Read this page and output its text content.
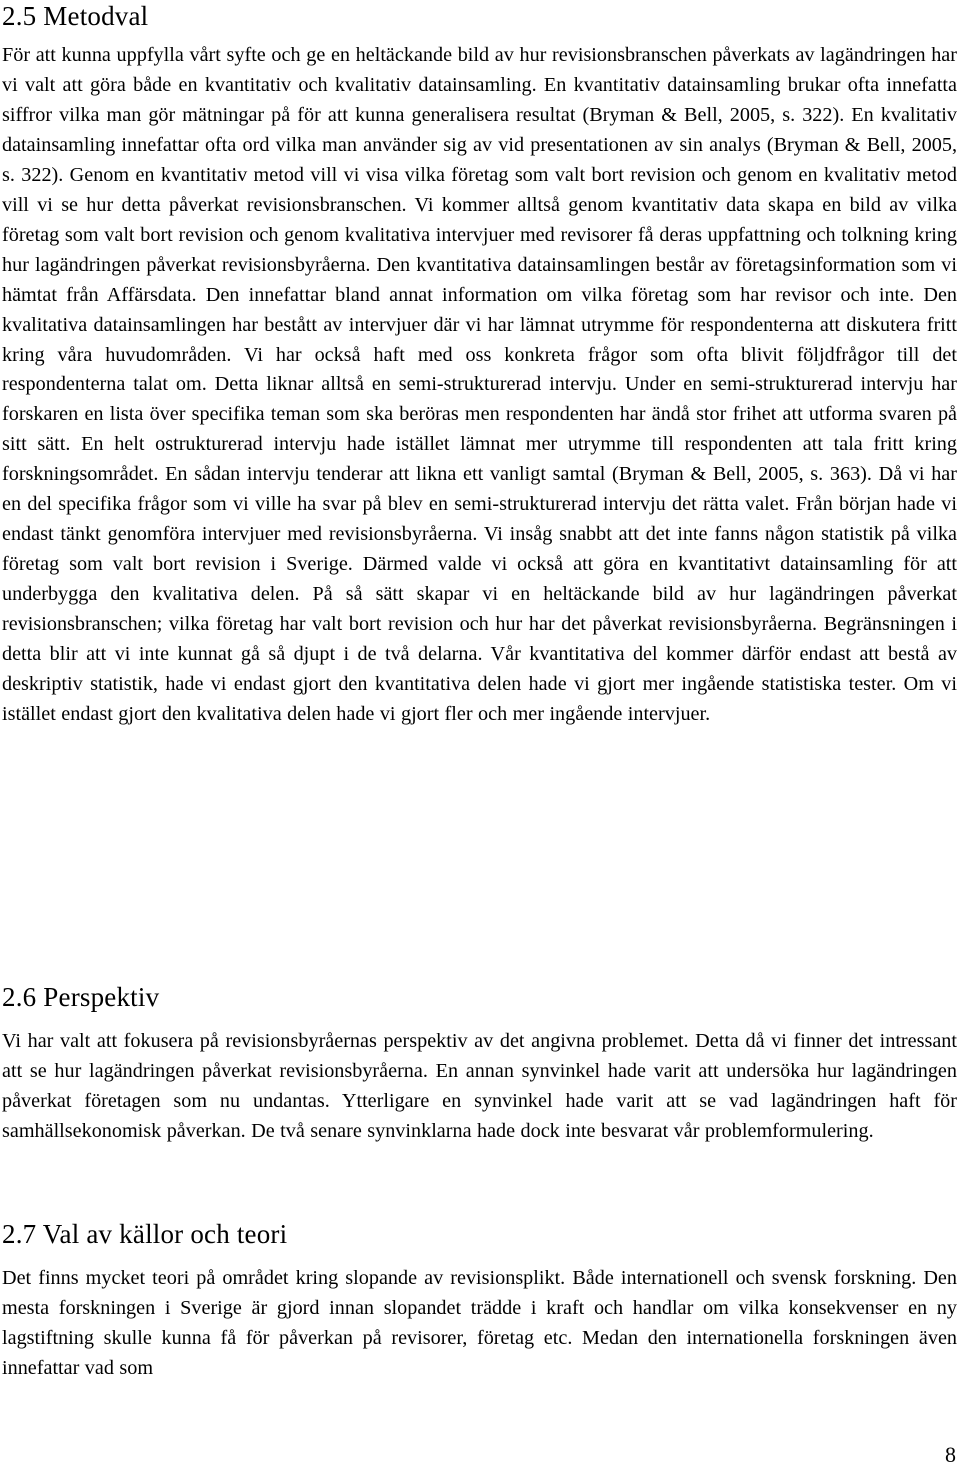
2.5 Metodval

För att kunna uppfylla vårt syfte och ge en heltäckande bild av hur revisionsbranschen påverkats av lagändringen har vi valt att göra både en kvantitativ och kvalitativ datainsamling. En kvantitativ datainsamling brukar ofta innefatta siffror vilka man gör mätningar på för att kunna generalisera resultat (Bryman & Bell, 2005, s. 322). En kvalitativ datainsamling innefattar ofta ord vilka man använder sig av vid presentationen av sin analys (Bryman & Bell, 2005, s. 322). Genom en kvantitativ metod vill vi visa vilka företag som valt bort revision och genom en kvalitativ metod vill vi se hur detta påverkat revisionsbranschen. Vi kommer alltså genom kvantitativ data skapa en bild av vilka företag som valt bort revision och genom kvalitativa intervjuer med revisorer få deras uppfattning och tolkning kring hur lagändringen påverkat revisionsbyråerna. Den kvantitativa datainsamlingen består av företagsinformation som vi hämtat från Affärsdata. Den innefattar bland annat information om vilka företag som har revisor och inte. Den kvalitativa datainsamlingen har bestått av intervjuer där vi har lämnat utrymme för respondenterna att diskutera fritt kring våra huvudområden. Vi har också haft med oss konkreta frågor som ofta blivit följdfrågor till det respondenterna talat om. Detta liknar alltså en semi-strukturerad intervju. Under en semi-strukturerad intervju har forskaren en lista över specifika teman som ska beröras men respondenten har ändå stor frihet att utforma svaren på sitt sätt. En helt ostrukturerad intervju hade istället lämnat mer utrymme till respondenten att tala fritt kring forskningsområdet. En sådan intervju tenderar att likna ett vanligt samtal (Bryman & Bell, 2005, s. 363). Då vi har en del specifika frågor som vi ville ha svar på blev en semi-strukturerad intervju det rätta valet. Från början hade vi endast tänkt genomföra intervjuer med revisionsbyråerna. Vi insåg snabbt att det inte fanns någon statistik på vilka företag som valt bort revision i Sverige. Därmed valde vi också att göra en kvantitativt datainsamling för att underbygga den kvalitativa delen. På så sätt skapar vi en heltäckande bild av hur lagändringen påverkat revisionsbranschen; vilka företag har valt bort revision och hur har det påverkat revisionsbyråerna. Begränsningen i detta blir att vi inte kunnat gå så djupt i de två delarna. Vår kvantitativa del kommer därför endast att bestå av deskriptiv statistik, hade vi endast gjort den kvantitativa delen hade vi gjort mer ingående statistiska tester. Om vi istället endast gjort den kvalitativa delen hade vi gjort fler och mer ingående intervjuer.

2.6 Perspektiv

Vi har valt att fokusera på revisionsbyråernas perspektiv av det angivna problemet. Detta då vi finner det intressant att se hur lagändringen påverkat revisionsbyråerna. En annan synvinkel hade varit att undersöka hur lagändringen påverkat företagen som nu undantas. Ytterligare en synvinkel hade varit att se vad lagändringen haft för samhällsekonomisk påverkan. De två senare synvinklarna hade dock inte besvarat vår problemformulering.

2.7 Val av källor och teori

Det finns mycket teori på området kring slopande av revisionsplikt. Både internationell och svensk forskning. Den mesta forskningen i Sverige är gjord innan slopandet trädde i kraft och handlar om vilka konsekvenser en ny lagstiftning skulle kunna få för påverkan på revisorer, företag etc. Medan den internationella forskningen även innefattar vad som

8
